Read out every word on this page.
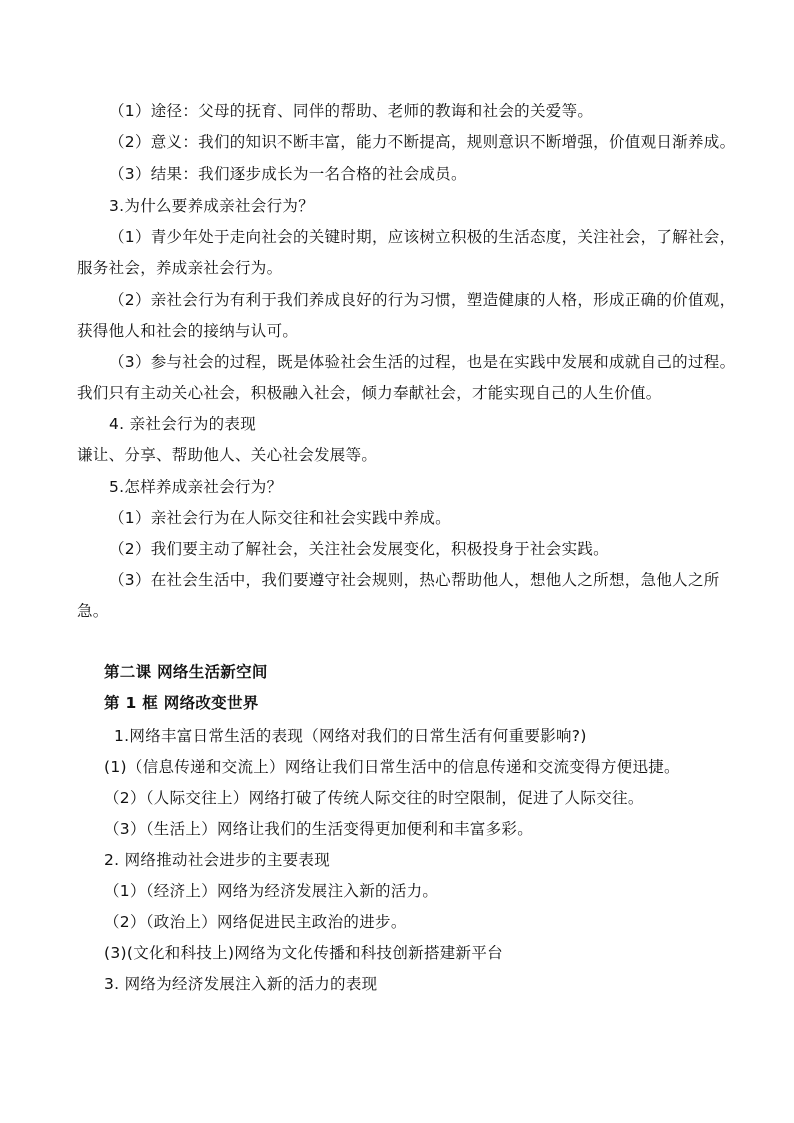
（1）途径：父母的抚育、同伴的帮助、老师的教诲和社会的关爱等。
（2）意义：我们的知识不断丰富，能力不断提高，规则意识不断增强，价值观日渐养成。
（3）结果：我们逐步成长为一名合格的社会成员。
3.为什么要养成亲社会行为？
（1）青少年处于走向社会的关键时期，应该树立积极的生活态度，关注社会，了解社会，
服务社会，养成亲社会行为。
（2）亲社会行为有利于我们养成良好的行为习惯，塑造健康的人格，形成正确的价值观，
获得他人和社会的接纳与认可。
（3）参与社会的过程，既是体验社会生活的过程，也是在实践中发展和成就自己的过程。
我们只有主动关心社会，积极融入社会，倾力奉献社会，才能实现自己的人生价值。
4. 亲社会行为的表现
谦让、分享、帮助他人、关心社会发展等。
5.怎样养成亲社会行为？
（1）亲社会行为在人际交往和社会实践中养成。
（2）我们要主动了解社会，关注社会发展变化，积极投身于社会实践。
（3）在社会生活中，我们要遵守社会规则，热心帮助他人，想他人之所想，急他人之所
急。
第二课 网络生活新空间
第 1 框 网络改变世界
1.网络丰富日常生活的表现（网络对我们的日常生活有何重要影响?)
(1)（信息传递和交流上）网络让我们日常生活中的信息传递和交流变得方便迅捷。
（2）（人际交往上）网络打破了传统人际交往的时空限制，促进了人际交往。
（3）（生活上）网络让我们的生活变得更加便利和丰富多彩。
2. 网络推动社会进步的主要表现
（1）（经济上）网络为经济发展注入新的活力。
（2）（政治上）网络促进民主政治的进步。
(3)(文化和科技上)网络为文化传播和科技创新搭建新平台
3. 网络为经济发展注入新的活力的表现
